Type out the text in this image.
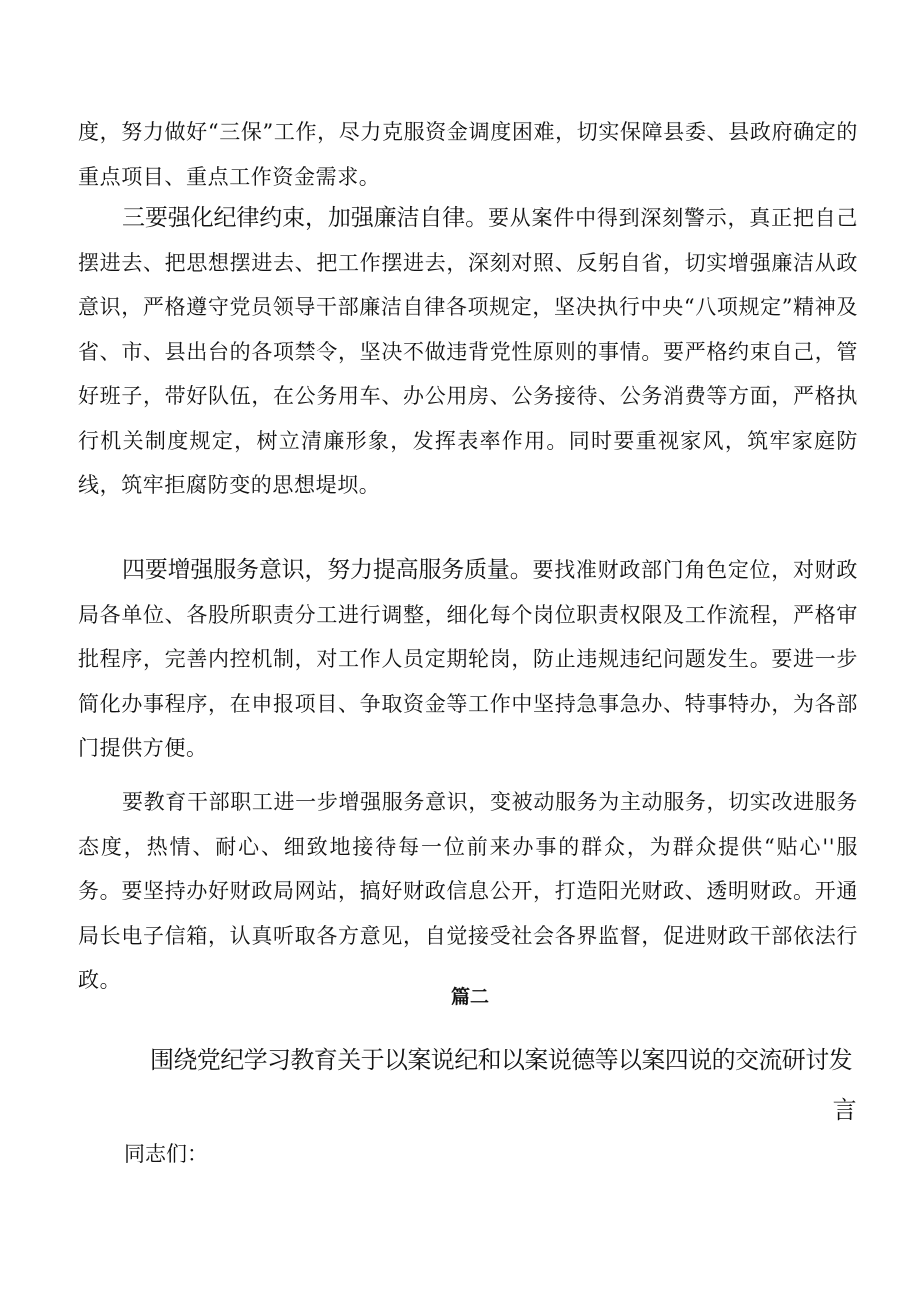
度，努力做好“三保”工作，尽力克服资金调度困难，切实保障县委、县政府确定的重点项目、重点工作资金需求。

三要强化纪律约束，加强廉洁自律。要从案件中得到深刻警示，真正把自己摆进去、把思想摆进去、把工作摆进去，深刻对照、反躬自省，切实增强廉洁从政意识，严格遵守党员领导干部廉洁自律各项规定，坚决执行中央“八项规定”精神及省、市、县出台的各项禁令，坚决不做违背党性原则的事情。要严格约束自己，管好班子，带好队伍，在公务用车、办公用房、公务接待、公务消费等方面，严格执行机关制度规定，树立清廉形象，发挥表率作用。同时要重视家风，筑牢家庭防线，筑牢拒腐防变的思想堤坝。

四要增强服务意识，努力提高服务质量。要找准财政部门角色定位，对财政局各单位、各股所职责分工进行调整，细化每个岗位职责权限及工作流程，严格审批程序，完善内控机制，对工作人员定期轮岗，防止违规违纪问题发生。要进一步简化办事程序，在申报项目、争取资金等工作中坚持急事急办、特事特办，为各部门提供方便。

要教育干部职工进一步增强服务意识，变被动服务为主动服务，切实改进服务态度，热情、耐心、细致地接待每一位前来办事的群众，为群众提供“贴心''服务。要坚持办好财政局网站，搞好财政信息公开，打造阳光财政、透明财政。开通局长电子信箱，认真听取各方意见，自觉接受社会各界监督，促进财政干部依法行政。

篇二

围绕党纪学习教育关于以案说纪和以案说德等以案四说的交流研讨发
言

同志们：
